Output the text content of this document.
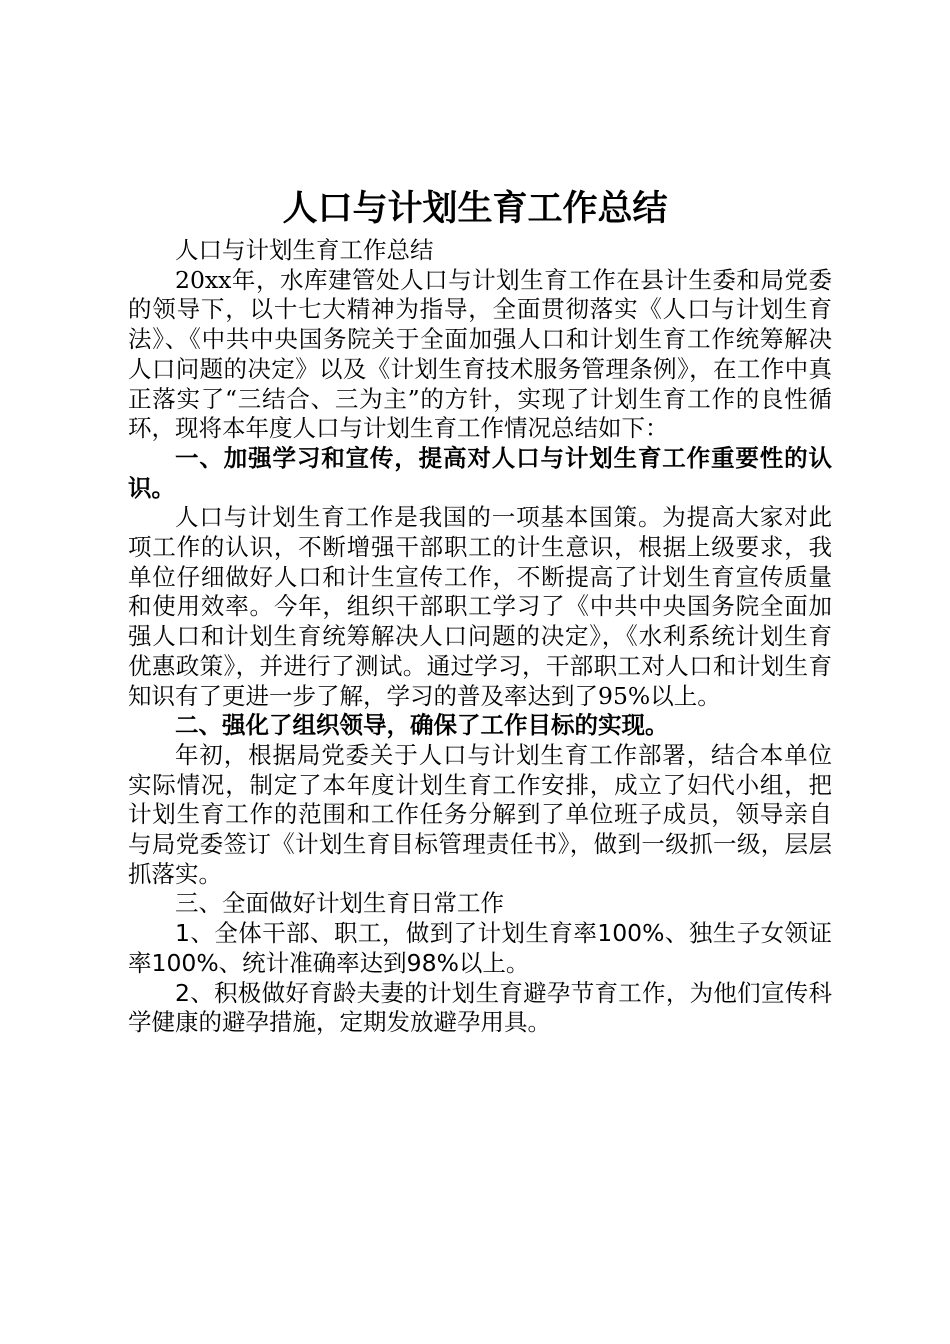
人口与计划生育工作总结

人口与计划生育工作总结

20xx年，水库建管处人口与计划生育工作在县计生委和局党委的领导下，以十七大精神为指导，全面贯彻落实《人口与计划生育法》、《中共中央国务院关于全面加强人口和计划生育工作统筹解决人口问题的决定》以及《计划生育技术服务管理条例》，在工作中真正落实了“三结合、三为主”的方针，实现了计划生育工作的良性循环，现将本年度人口与计划生育工作情况总结如下：

一、加强学习和宣传，提高对人口与计划生育工作重要性的认识。

人口与计划生育工作是我国的一项基本国策。为提高大家对此项工作的认识，不断增强干部职工的计生意识，根据上级要求，我单位仔细做好人口和计生宣传工作，不断提高了计划生育宣传质量和使用效率。今年，组织干部职工学习了《中共中央国务院全面加强人口和计划生育统筹解决人口问题的决定》，《水利系统计划生育优惠政策》，并进行了测试。通过学习，干部职工对人口和计划生育知识有了更进一步了解，学习的普及率达到了95%以上。

二、强化了组织领导，确保了工作目标的实现。

年初，根据局党委关于人口与计划生育工作部署，结合本单位实际情况，制定了本年度计划生育工作安排，成立了妇代小组，把计划生育工作的范围和工作任务分解到了单位班子成员，领导亲自与局党委签订《计划生育目标管理责任书》，做到一级抓一级，层层抓落实。

三、全面做好计划生育日常工作

1、全体干部、职工，做到了计划生育率100%、独生子女领证率100%、统计准确率达到98%以上。

2、积极做好育龄夫妻的计划生育避孕节育工作，为他们宣传科学健康的避孕措施，定期发放避孕用具。
